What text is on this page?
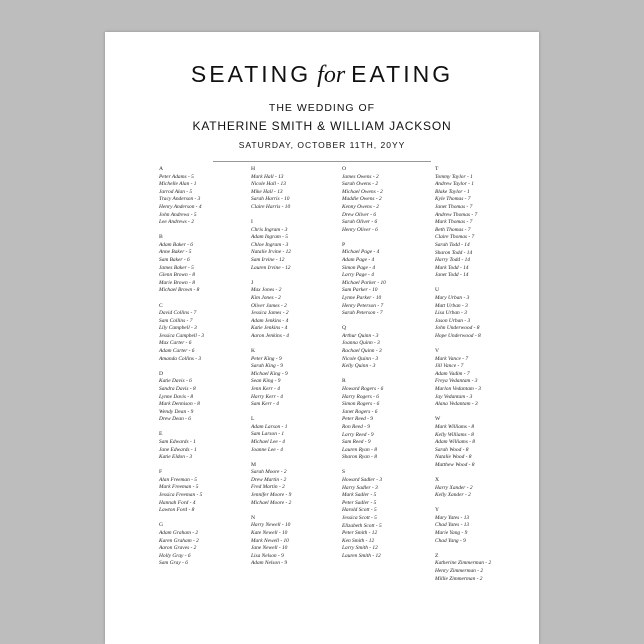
SEATING for EATING
THE WEDDING OF
KATHERINE SMITH & WILLIAM JACKSON
SATURDAY, OCTOBER 11TH, 20YY
A
Peter Adams - 5
Michelle Alan - 1
Jarrod Alan - 5
Tracy Anderson - 3
Henry Anderson - 4
John Andrews - 5
Lee Andrews - 2
B
Adam Baker - 6
Anne Baker - 5
Sam Baker - 6
James Baker - 5
Glenn Brown - 8
Marie Brown - 8
Michael Brown - 8
C
David Collins - 7
Sam Collins - 7
Lily Campbell - 3
Jessica Campbell - 3
Max Carter - 6
Adam Carter - 6
Amanda Collins - 3
D
Katie Davis - 6
Sandra Davis - 8
Lynne Davis - 8
Mark Dennison - 8
Wendy Dean - 9
Drew Dean - 6
E
Sam Edwards - 1
Jane Edwards - 1
Katie Eldon - 3
F
Alan Freeman - 5
Mark Freeman - 5
Jessica Freeman - 5
Hannah Ford - 4
Lawton Ford - 8
G
Adam Graham - 2
Karen Graham - 2
Aaron Graves - 2
Holly Gray - 6
Sam Gray - 6
H
Mark Hall - 13
Nicole Hall - 13
Mike Hall - 13
Sarah Harris - 10
Claire Harris - 10
I
Chris Ingram - 3
Adam Ingram - 5
Chloe Ingram - 3
Natalie Irvine - 12
Sam Irvine - 12
Lauren Irvine - 12
J
Max Jones - 2
Kim Jones - 2
Oliver James - 2
Jessica James - 2
Adam Jenkins - 4
Katie Jenkins - 4
Aaron Jenkins - 4
K
Peter King - 9
Sarah King - 9
Michael King - 9
Sean King - 9
Jenn Kerr - 4
Harry Kerr - 4
Sam Kerr - 4
L
Adam Larson - 1
Sam Larson - 1
Michael Lee - 4
Joanne Lee - 4
M
Sarah Moore - 2
Drew Martin - 2
Fred Martin - 2
Jennifer Moore - 9
Michael Moore - 2
N
Harry Newell - 10
Kate Newell - 10
Mark Newell - 10
Jane Newell - 10
Lisa Nelson - 9
Adam Nelson - 9
O
James Owens - 2
Sarah Owens - 2
Michael Owens - 2
Maddie Owens - 2
Kenny Owens - 2
Drew Oliver - 6
Sarah Oliver - 6
Henry Oliver - 6
P
Michael Page - 4
Adam Page - 4
Simon Page - 4
Larry Page - 4
Michael Parker - 10
Sam Parker - 10
Lynne Parker - 10
Henry Peterson - 7
Sarah Peterson - 7
Q
Arthur Quinn - 3
Joanna Quinn - 3
Rachael Quinn - 3
Nicole Quinn - 3
Kelly Quinn - 3
R
Howard Rogers - 6
Harry Rogers - 6
Simon Rogers - 6
Janet Rogers - 6
Peter Reed - 9
Ron Reed - 9
Larry Reed - 9
Sam Reed - 9
Lauren Ryan - 8
Sharon Ryan - 8
S
Howard Sadler - 3
Harry Sadler - 3
Mark Sadler - 5
Peter Sadler - 5
Harold Scott - 5
Jessica Scott - 5
Elizabeth Scott - 5
Peter Smith - 12
Ken Smith - 12
Larry Smith - 12
Lauren Smith - 12
T
Tommy Taylor - 1
Andrew Taylor - 1
Blake Taylor - 1
Kyle Thomas - 7
Janet Thomas - 7
Andrew Thomas - 7
Mark Thomas - 7
Beth Thomas - 7
Claire Thomas - 7
Sarah Todd - 14
Sharon Todd - 14
Harry Todd - 14
Mark Todd - 14
Janet Todd - 14
U
Mary Urban - 3
Matt Urban - 3
Lisa Urban - 3
Jason Urban - 3
John Underwood - 8
Hope Underwood - 8
V
Mark Vance - 7
Jill Vance - 7
Adam Vadim - 7
Freya Vedantam - 3
Marlon Vedantam - 3
Jay Vedantam - 3
Alana Vedantam - 3
W
Mark Williams - 8
Kelly Williams - 8
Adam Williams - 8
Sarah Wood - 8
Natalie Wood - 8
Matthew Wood - 8
X
Harry Xander - 2
Kelly Xander - 2
Y
Mary Yates - 13
Chad Yates - 13
Marie Yang - 9
Chad Yang - 9
Z
Katherine Zimmerman - 2
Henry Zimmerman - 2
Millie Zimmerman - 2
